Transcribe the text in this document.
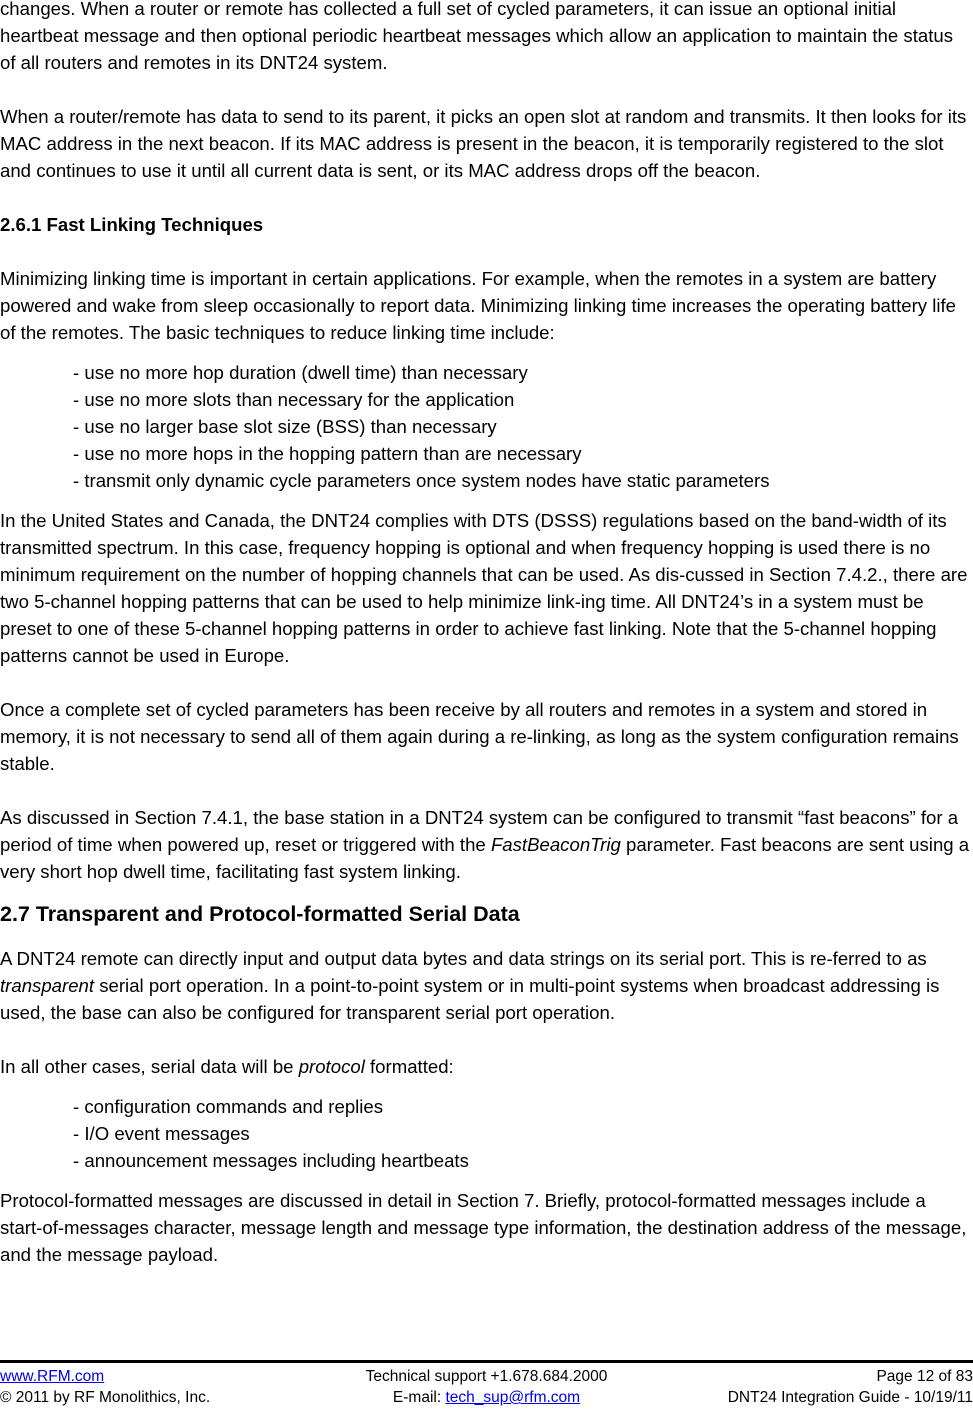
changes. When a router or remote has collected a full set of cycled parameters, it can issue an optional initial heartbeat message and then optional periodic heartbeat messages which allow an application to maintain the status of all routers and remotes in its DNT24 system.

When a router/remote has data to send to its parent, it picks an open slot at random and transmits. It then looks for its MAC address in the next beacon. If its MAC address is present in the beacon, it is temporarily registered to the slot and continues to use it until all current data is sent, or its MAC address drops off the beacon.

2.6.1 Fast Linking Techniques

Minimizing linking time is important in certain applications. For example, when the remotes in a system are battery powered and wake from sleep occasionally to report data. Minimizing linking time increases the operating battery life of the remotes. The basic techniques to reduce linking time include:

- use no more hop duration (dwell time) than necessary
- use no more slots than necessary for the application
- use no larger base slot size (BSS) than necessary
- use no more hops in the hopping pattern than are necessary
- transmit only dynamic cycle parameters once system nodes have static parameters

In the United States and Canada, the DNT24 complies with DTS (DSSS) regulations based on the band-width of its transmitted spectrum. In this case, frequency hopping is optional and when frequency hopping is used there is no minimum requirement on the number of hopping channels that can be used. As dis-cussed in Section 7.4.2., there are two 5-channel hopping patterns that can be used to help minimize link-ing time. All DNT24’s in a system must be preset to one of these 5-channel hopping patterns in order to achieve fast linking. Note that the 5-channel hopping patterns cannot be used in Europe.

Once a complete set of cycled parameters has been receive by all routers and remotes in a system and stored in memory, it is not necessary to send all of them again during a re-linking, as long as the system configuration remains stable.

As discussed in Section 7.4.1, the base station in a DNT24 system can be configured to transmit “fast beacons” for a period of time when powered up, reset or triggered with the FastBeaconTrig parameter. Fast beacons are sent using a very short hop dwell time, facilitating fast system linking.

2.7 Transparent and Protocol-formatted Serial Data

A DNT24 remote can directly input and output data bytes and data strings on its serial port. This is re-ferred to as transparent serial port operation. In a point-to-point system or in multi-point systems when broadcast addressing is used, the base can also be configured for transparent serial port operation.

In all other cases, serial data will be protocol formatted:

- configuration commands and replies
- I/O event messages
- announcement messages including heartbeats

Protocol-formatted messages are discussed in detail in Section 7. Briefly, protocol-formatted messages include a start-of-messages character, message length and message type information, the destination address of the message, and the message payload.

www.RFM.com	Technical support +1.678.684.2000	Page 12 of 83
© 2011 by RF Monolithics, Inc.	E-mail: tech_sup@rfm.com	DNT24 Integration Guide - 10/19/11
